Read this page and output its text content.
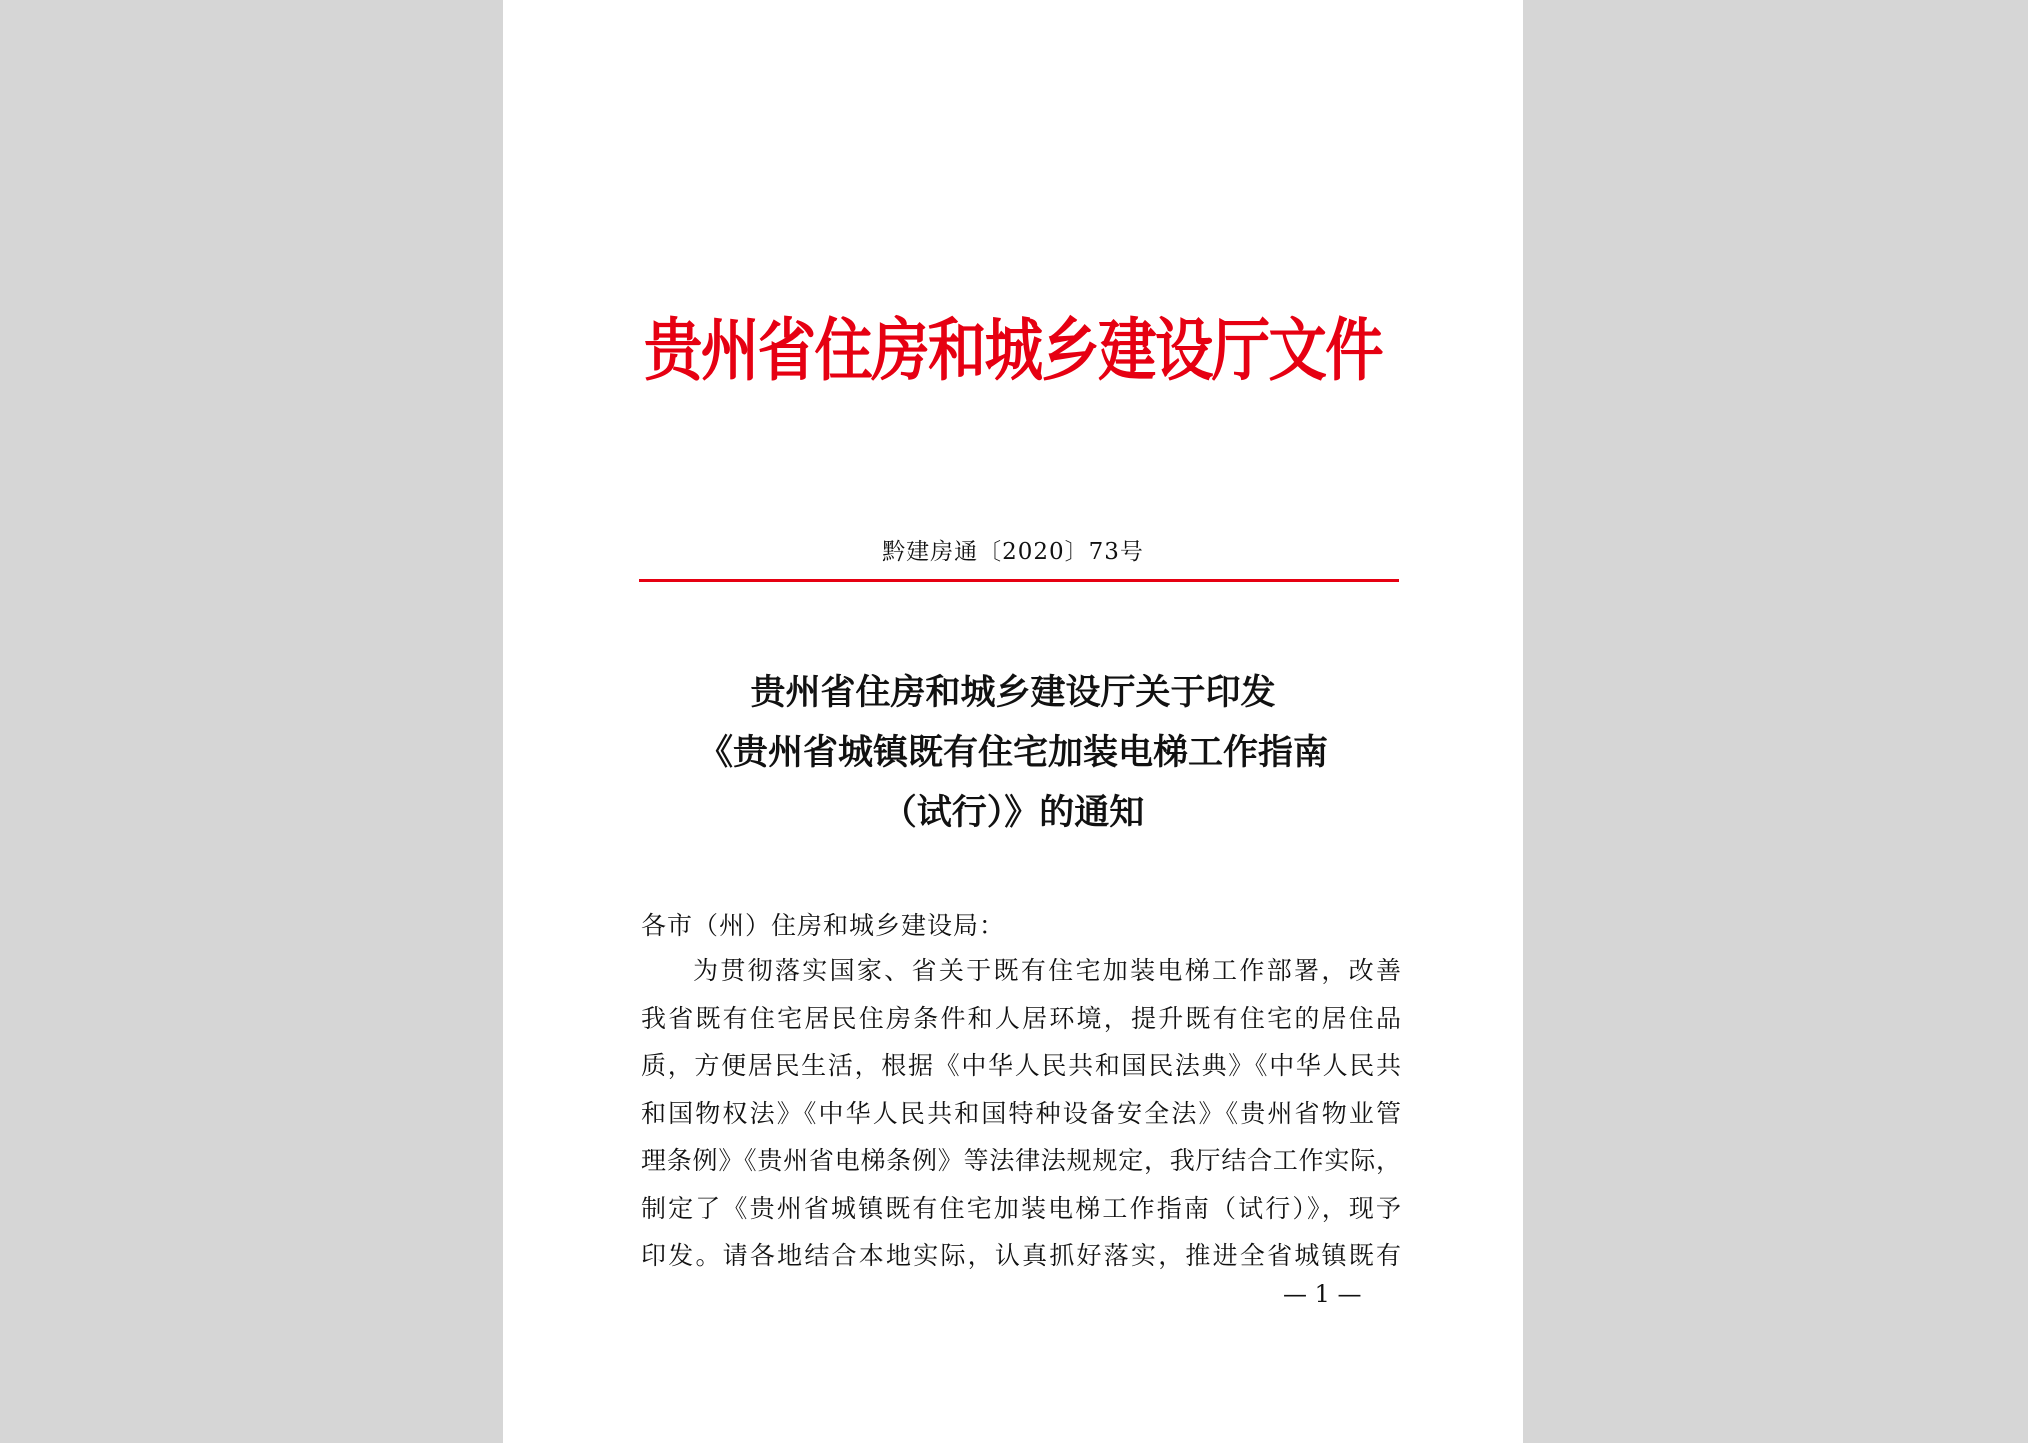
贵州省住房和城乡建设厅文件
黔建房通〔2020〕73号
贵州省住房和城乡建设厅关于印发
《贵州省城镇既有住宅加装电梯工作指南
（试行）》的通知
各市（州）住房和城乡建设局：
为贯彻落实国家、省关于既有住宅加装电梯工作部署，改善
我省既有住宅居民住房条件和人居环境，提升既有住宅的居住品
质，方便居民生活，根据《中华人民共和国民法典》《中华人民共
和国物权法》《中华人民共和国特种设备安全法》《贵州省物业管
理条例》《贵州省电梯条例》等法律法规规定，我厅结合工作实际，
制定了《贵州省城镇既有住宅加装电梯工作指南（试行）》，现予
印发。请各地结合本地实际，认真抓好落实，推进全省城镇既有
— 1 —
